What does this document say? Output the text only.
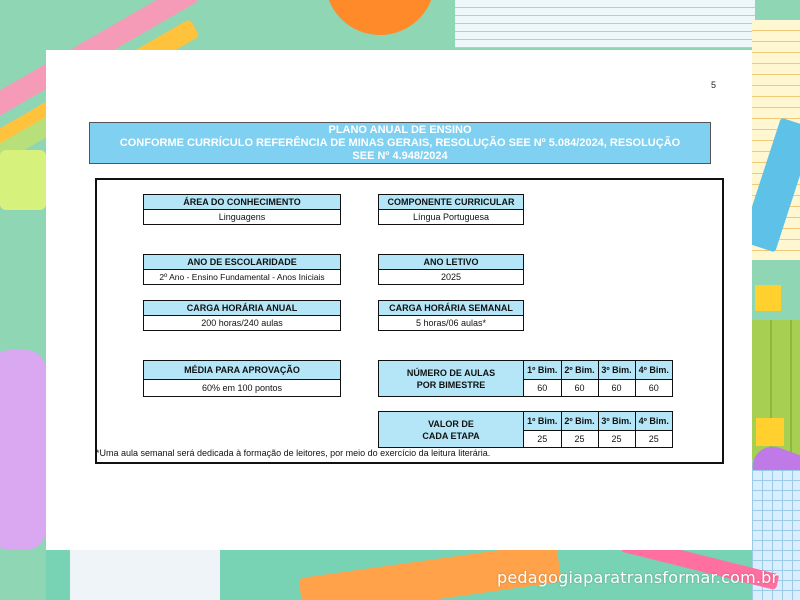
5
PLANO ANUAL DE ENSINO
CONFORME CURRÍCULO REFERÊNCIA DE MINAS GERAIS, RESOLUÇÃO SEE Nº 5.084/2024, RESOLUÇÃO
SEE Nº 4.948/2024
ÁREA DO CONHECIMENTO
Linguagens
COMPONENTE CURRICULAR
Língua Portuguesa
ANO DE ESCOLARIDADE
2º Ano - Ensino Fundamental - Anos Iniciais
ANO LETIVO
2025
CARGA HORÁRIA ANUAL
200 horas/240 aulas
CARGA HORÁRIA SEMANAL
5 horas/06 aulas*
MÉDIA PARA APROVAÇÃO
60% em 100 pontos
NÚMERO DE AULAS
POR BIMESTRE
1º Bim.	2º Bim.	3º Bim.	4º Bim.
60	60	60	60
VALOR DE
CADA ETAPA
1º Bim.	2º Bim.	3º Bim.	4º Bim.
25	25	25	25
*Uma aula semanal será dedicada à formação de leitores, por meio do exercício da leitura literária.
pedagogiaparatransformar.com.br
